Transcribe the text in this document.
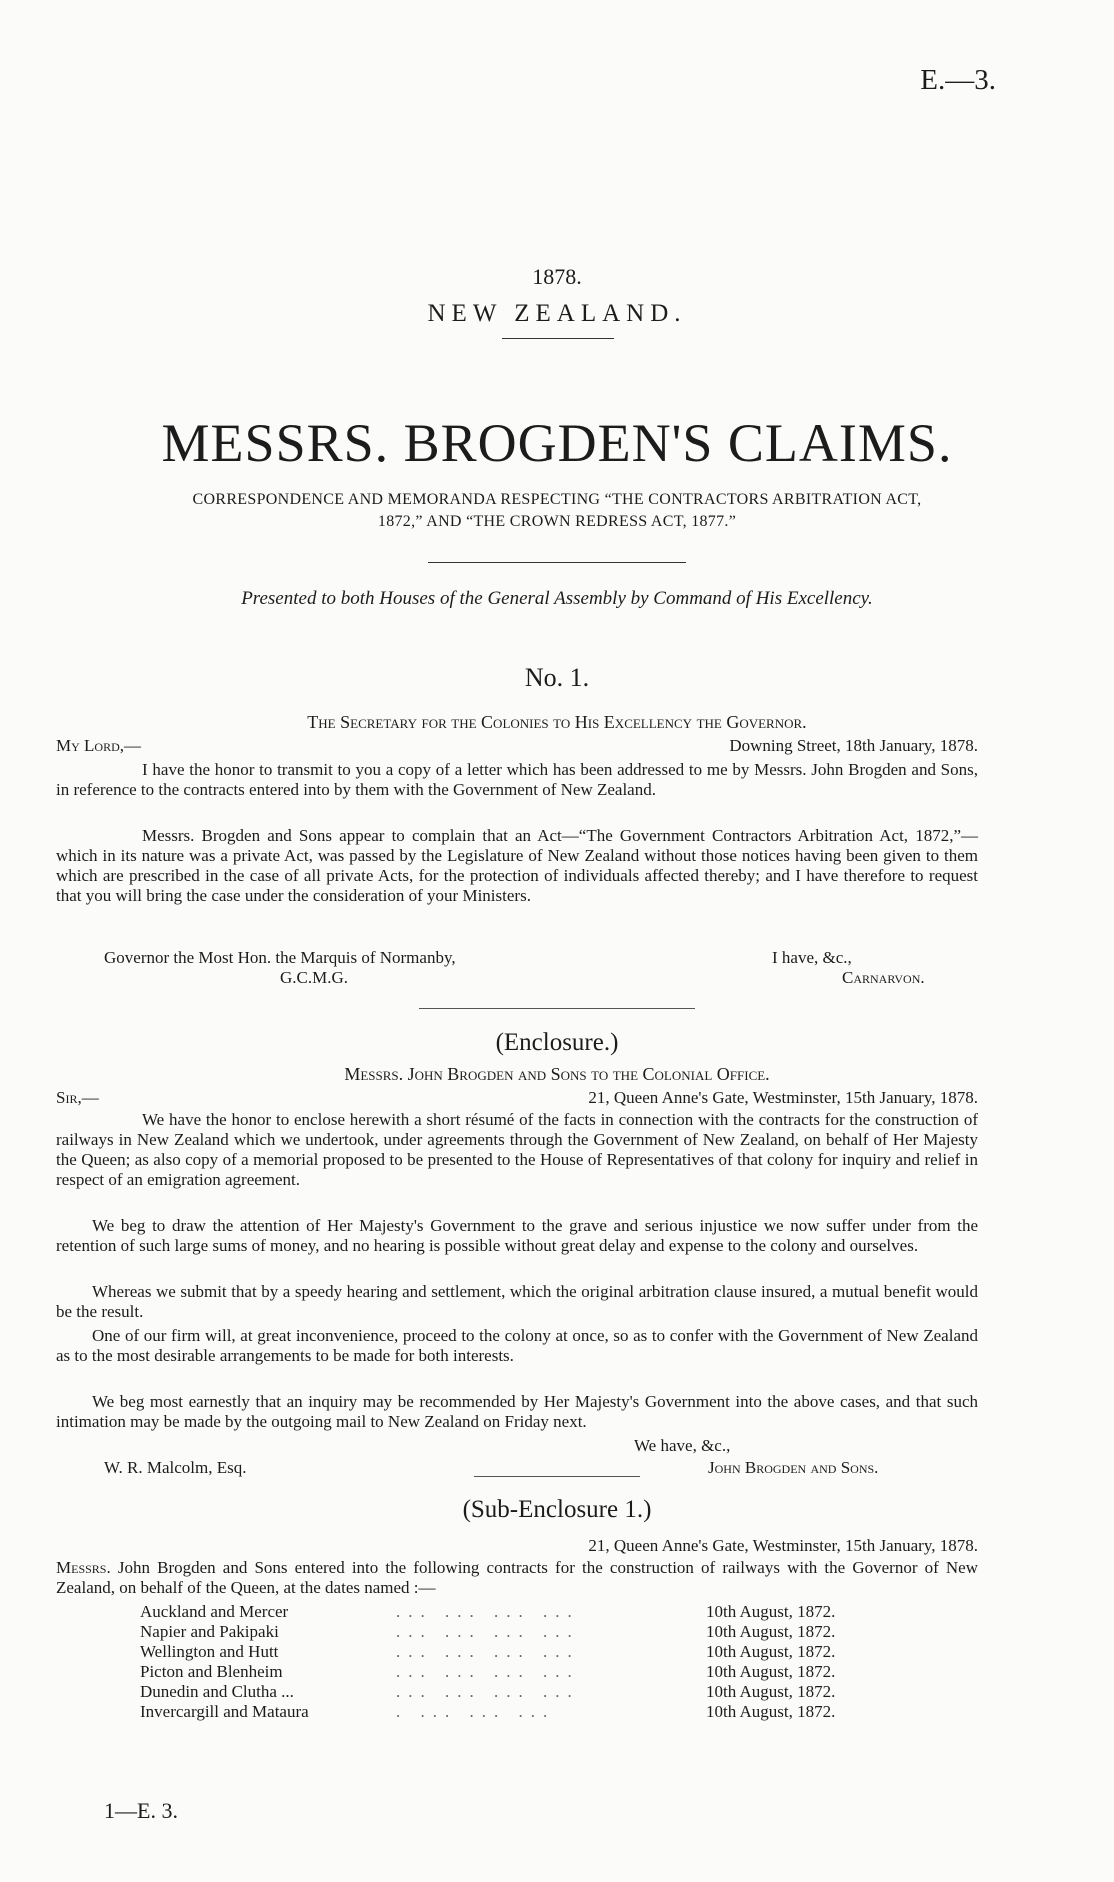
E.—3.
1878.
NEW ZEALAND.
MESSRS. BROGDEN'S CLAIMS.
CORRESPONDENCE AND MEMORANDA RESPECTING “THE CONTRACTORS ARBITRATION ACT,
1872,” AND “THE CROWN REDRESS ACT, 1877.”
Presented to both Houses of the General Assembly by Command of His Excellency.
No. 1.
The Secretary for the Colonies to His Excellency the Governor.
My Lord,—	Downing Street, 18th January, 1878.
I have the honor to transmit to you a copy of a letter which has been addressed to me by Messrs. John Brogden and Sons, in reference to the contracts entered into by them with the Government of New Zealand.
Messrs. Brogden and Sons appear to complain that an Act—“The Government Contractors Arbitration Act, 1872,”—which in its nature was a private Act, was passed by the Legislature of New Zealand without those notices having been given to them which are prescribed in the case of all private Acts, for the protection of individuals affected thereby; and I have therefore to request that you will bring the case under the consideration of your Ministers.
Governor the Most Hon. the Marquis of Normanby,
G.C.M.G.
I have, &c.,
Carnarvon.
(Enclosure.)
Messrs. John Brogden and Sons to the Colonial Office.
Sir,—	21, Queen Anne's Gate, Westminster, 15th January, 1878.
We have the honor to enclose herewith a short résumé of the facts in connection with the contracts for the construction of railways in New Zealand which we undertook, under agreements through the Government of New Zealand, on behalf of Her Majesty the Queen; as also copy of a memorial proposed to be presented to the House of Representatives of that colony for inquiry and relief in respect of an emigration agreement.
We beg to draw the attention of Her Majesty's Government to the grave and serious injustice we now suffer under from the retention of such large sums of money, and no hearing is possible without great delay and expense to the colony and ourselves.
Whereas we submit that by a speedy hearing and settlement, which the original arbitration clause insured, a mutual benefit would be the result.
One of our firm will, at great inconvenience, proceed to the colony at once, so as to confer with the Government of New Zealand as to the most desirable arrangements to be made for both interests.
We beg most earnestly that an inquiry may be recommended by Her Majesty's Government into the above cases, and that such intimation may be made by the outgoing mail to New Zealand on Friday next.
W. R. Malcolm, Esq.	John Brogden and Sons.
We have, &c.,
(Sub-Enclosure 1.)
21, Queen Anne's Gate, Westminster, 15th January, 1878.
Messrs. John Brogden and Sons entered into the following contracts for the construction of railways with the Governor of New Zealand, on behalf of the Queen, at the dates named :—
Auckland and Mercer	... ... ... ...	10th August, 1872.
Napier and Pakipaki	... ... ... ...	10th August, 1872.
Wellington and Hutt	... ... ... ...	10th August, 1872.
Picton and Blenheim	... ... ... ...	10th August, 1872.
Dunedin and Clutha ...	... ... ... ...	10th August, 1872.
Invercargill and Mataura	. ... ... ...	10th August, 1872.
1—E. 3.
